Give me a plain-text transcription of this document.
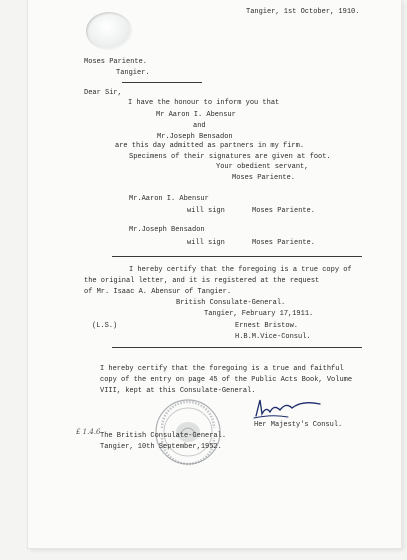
Tangier, 1st October, 1910.
Moses Pariente.
Tangier.
Dear Sir,
I have the honour to inform you that
Mr Aaron I. Abensur
and
Mr.Joseph Bensadon
are this day admitted as partners in my firm.
Specimens of their signatures are given at foot.
Your obedient servant,
Moses Pariente.
Mr.Aaron I. Abensur
will sign	Moses Pariente.
Mr.Joseph Bensadon
will sign	Moses Pariente.
I hereby certify that the foregoing is a true copy of
the original letter, and it is registered at the request
of Mr. Isaac A. Abensur of Tangier.
British Consulate-General.
Tangier, February 17,1911.
(L.S.)	Ernest Bristow.
H.B.M.Vice-Consul.
I hereby certify that the foregoing is a true and faithful
copy of the entry on page 45 of the Public Acts Book, Volume
VIII, kept at this Consulate-General.
Her Majesty's Consul.
The British Consulate-General.
Tangier, 10th September,1952.
£ 1.4.6
